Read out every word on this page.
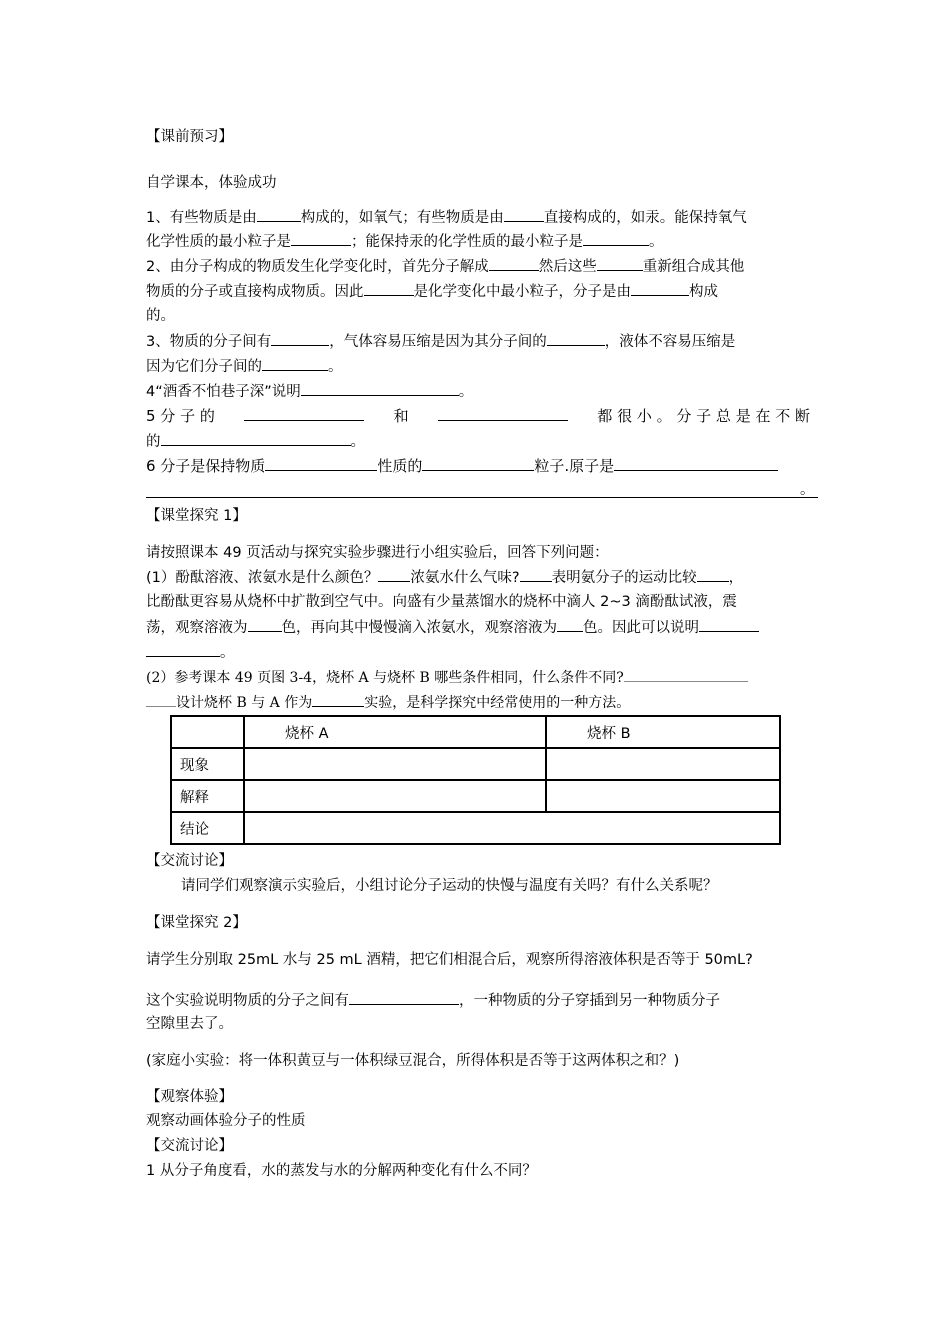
【课前预习】
自学课本，体验成功
1、有些物质是由	构成的，如氧气；有些物质是由	直接构成的，如汞。能保持氧气
化学性质的最小粒子是	；能保持汞的化学性质的最小粒子是	。
2、由分子构成的物质发生化学变化时，首先分子解成	然后这些	重新组合成其他
物质的分子或直接构成物质。因此	是化学变化中最小粒子，分子是由	构成
的。
3、物质的分子间有	，气体容易压缩是因为其分子间的	，液体不容易压缩是
因为它们分子间的	。
4“酒香不怕巷子深”说明	。
5 分 子 的	和	都 很 小 。 分 子 总 是 在 不 断
的	。
6 分子是保持物质	性质的	粒子.原子是
。
【课堂探究 1】
请按照课本 49 页活动与探究实验步骤进行小组实验后，回答下列问题：
(1）酚酞溶液、浓氨水是什么颜色？ 浓氨水什么气味? 表明氨分子的运动比较 ，
比酚酞更容易从烧杯中扩散到空气中。向盛有少量蒸馏水的烧杯中滴人 2~3 滴酚酞试液，震
荡，观察溶液为 色，再向其中慢慢滴入浓氨水，观察溶液为 色。因此可以说明
。
(2）参考课本 49 页图 3-4，烧杯 A 与烧杯 B 哪些条件相同，什么条件不同?
设计烧杯 B 与 A 作为	实验，是科学探究中经常使用的一种方法。
	烧杯 A	烧杯 B
现象		
解释		
结论		
【交流讨论】
请同学们观察演示实验后，小组讨论分子运动的快慢与温度有关吗？有什么关系呢？
【课堂探究 2】
请学生分别取 25mL 水与 25 mL 酒精，把它们相混合后，观察所得溶液体积是否等于 50mL?
这个实验说明物质的分子之间有	，一种物质的分子穿插到另一种物质分子
空隙里去了。
(家庭小实验：将一体积黄豆与一体积绿豆混合，所得体积是否等于这两体积之和？)
【观察体验】
观察动画体验分子的性质
【交流讨论】
1 从分子角度看，水的蒸发与水的分解两种变化有什么不同？
